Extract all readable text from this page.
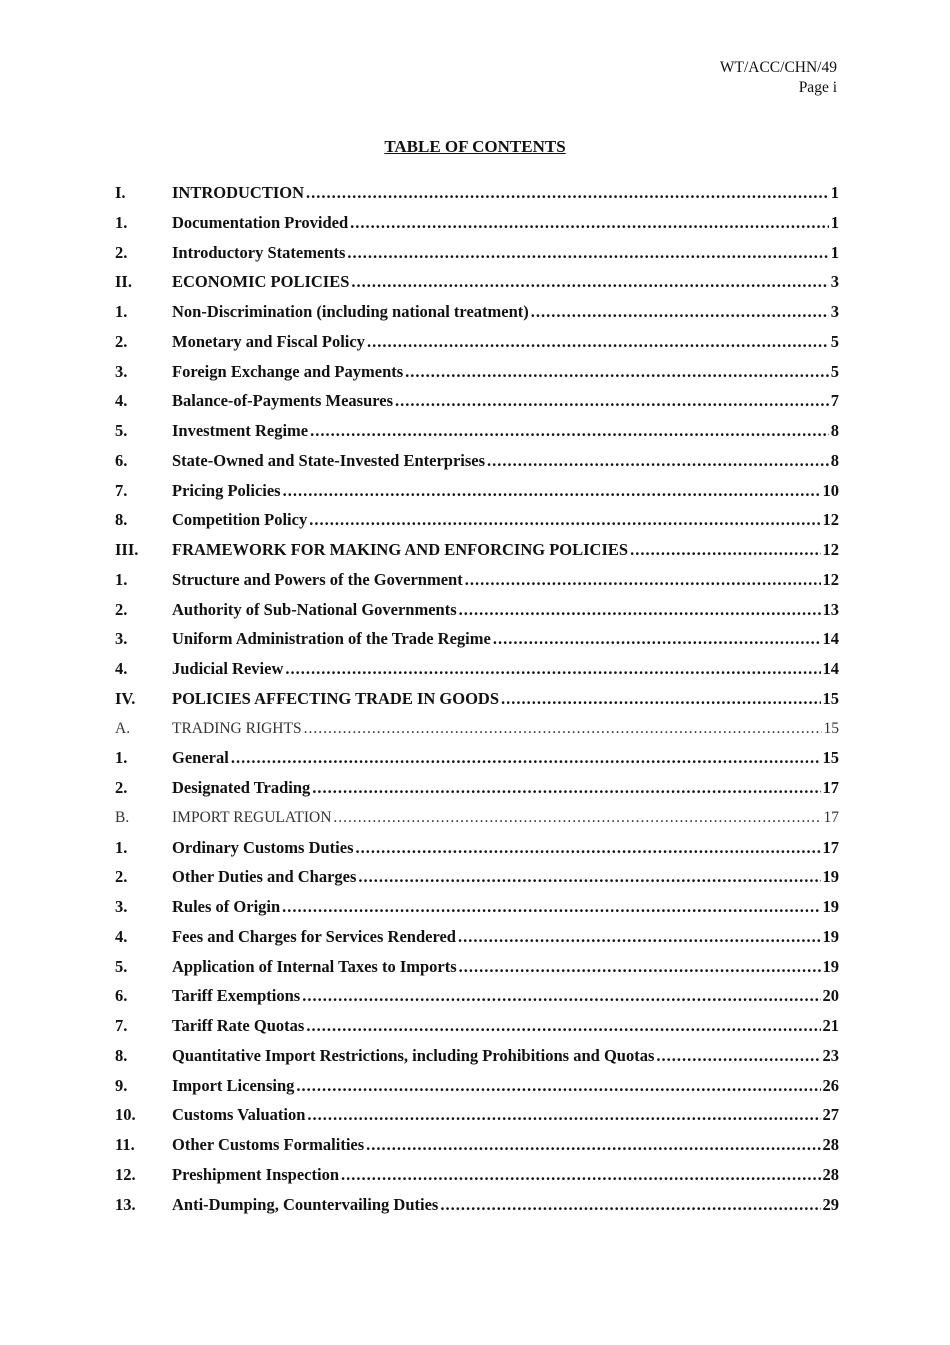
WT/ACC/CHN/49
Page i
TABLE OF CONTENTS
I.	INTRODUCTION .....	1
1.	Documentation Provided .....	1
2.	Introductory Statements .....	1
II.	ECONOMIC POLICIES .....	3
1.	Non-Discrimination (including national treatment) .....	3
2.	Monetary and Fiscal Policy .....	5
3.	Foreign Exchange and Payments .....	5
4.	Balance-of-Payments Measures .....	7
5.	Investment Regime .....	8
6.	State-Owned and State-Invested Enterprises .....	8
7.	Pricing Policies .....	10
8.	Competition Policy .....	12
III.	FRAMEWORK FOR MAKING AND ENFORCING POLICIES .....	12
1.	Structure and Powers of the Government .....	12
2.	Authority of Sub-National Governments .....	13
3.	Uniform Administration of the Trade Regime .....	14
4.	Judicial Review .....	14
IV.	POLICIES AFFECTING TRADE IN GOODS .....	15
A.	TRADING RIGHTS .....	15
1.	General .....	15
2.	Designated Trading .....	17
B.	IMPORT REGULATION .....	17
1.	Ordinary Customs Duties .....	17
2.	Other Duties and Charges .....	19
3.	Rules of Origin .....	19
4.	Fees and Charges for Services Rendered .....	19
5.	Application of Internal Taxes to Imports .....	19
6.	Tariff Exemptions .....	20
7.	Tariff Rate Quotas .....	21
8.	Quantitative Import Restrictions, including Prohibitions and Quotas .....	23
9.	Import Licensing .....	26
10.	Customs Valuation .....	27
11.	Other Customs Formalities .....	28
12.	Preshipment Inspection .....	28
13.	Anti-Dumping, Countervailing Duties .....	29
